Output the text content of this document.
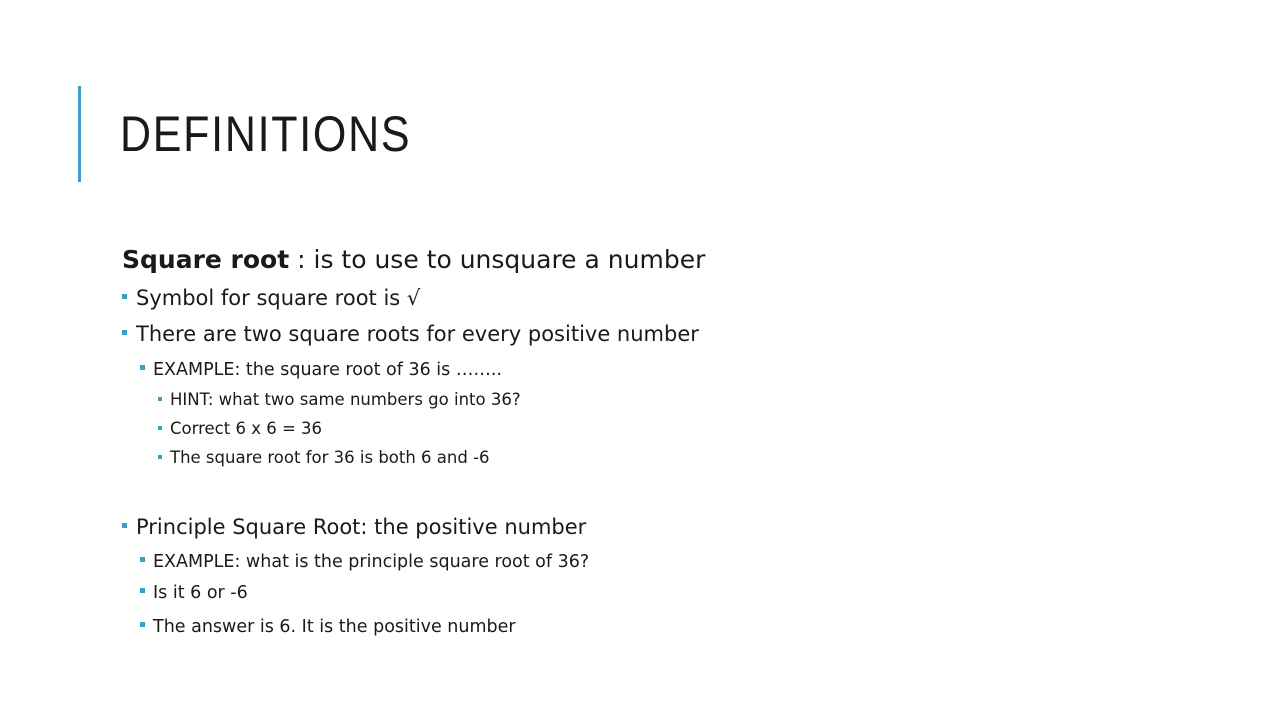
DEFINITIONS
Square root : is to use to unsquare a number
Symbol for square root is √
There are two square roots for every positive number
EXAMPLE: the square root of 36 is ……..
HINT: what two same numbers go into 36?
Correct 6 x 6 = 36
The square root for 36 is both 6 and -6
Principle Square Root: the positive number
EXAMPLE: what is the principle square root of 36?
Is it 6 or -6
The answer is 6. It is the positive number
